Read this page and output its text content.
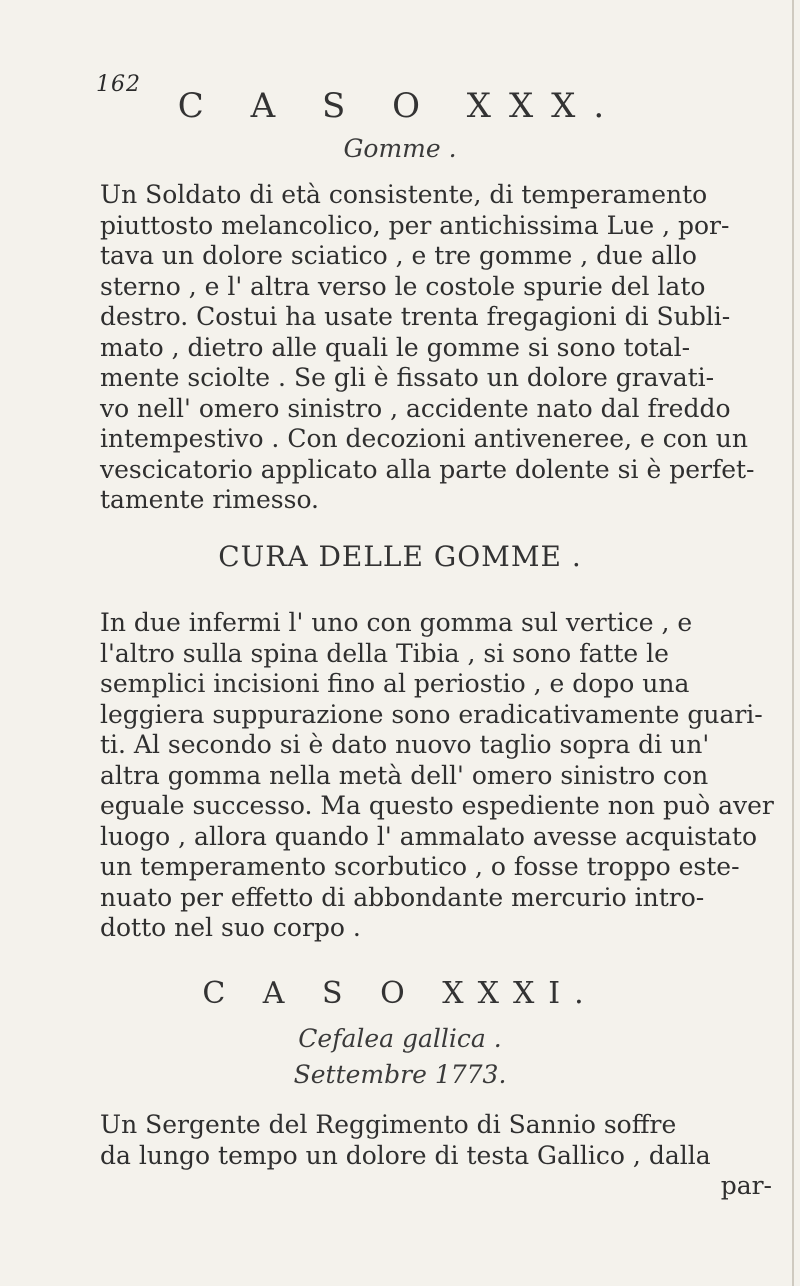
162
C A S O XXX.
Gomme .
Un Soldato di età consistente, di temperamento
piuttosto melancolico, per antichissima Lue , por-
tava un dolore sciatico , e tre gomme , due allo
sterno , e l' altra verso le costole spurie del lato
destro. Costui ha usate trenta fregagioni di Subli-
mato , dietro alle quali le gomme si sono total-
mente sciolte . Se gli è fissato un dolore gravati-
vo nell' omero sinistro , accidente nato dal freddo
intempestivo . Con decozioni antiveneree, e con un
vescicatorio applicato alla parte dolente si è perfet-
tamente rimesso.
CURA DELLE GOMME .
In due infermi l' uno con gomma sul vertice , e
l'altro sulla spina della Tibia , si sono fatte le
semplici incisioni fino al periostio , e dopo una
leggiera suppurazione sono eradicativamente guari-
ti. Al secondo si è dato nuovo taglio sopra di un'
altra gomma nella metà dell' omero sinistro con
eguale successo. Ma questo espediente non può aver
luogo , allora quando l' ammalato avesse acquistato
un temperamento scorbutico , o fosse troppo este-
nuato per effetto di abbondante mercurio intro-
dotto nel suo corpo .
C A S O XXXI.
Cefalea gallica .
Settembre 1773.
Un Sergente del Reggimento di Sannio soffre
da lungo tempo un dolore di testa Gallico , dalla
par-
